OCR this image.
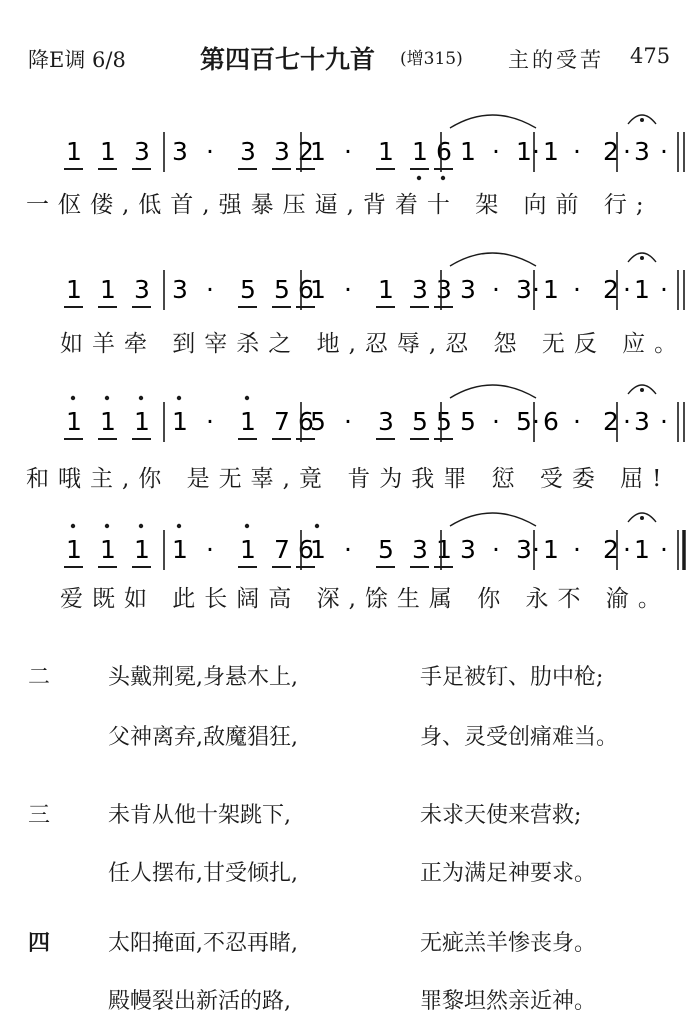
降E调 6/8	第四百七十九首 (增315) 主的受苦 475
1 1 3 3 · 3 3 2
1 · 1 1 6 1 · 1 · 1 · 2 · 3 ·
1 1 3 3 · 5 5 6
1 · 1 3 3 3 · 3 · 1 · 2 · 1 ·
1 1 1 1 · 1 7 6
5 · 3 5 5 5 · 5 · 6 · 2 · 3 ·
1 1 1 1 · 1 7 6
1 · 5 3 1 3 · 3 · 1 · 2 · 1 ·
一伛偻,低首,强暴压逼,背着十 架 向前 行;
如羊牵 到宰杀之 地,忍辱,忍 怨 无反 应。
和哦主,你 是无辜,竟 肯为我罪 愆 受委 屈!
爱既如 此长阔高 深,馀生属 你 永不 渝。
二	头戴荆冕,身悬木上,	手足被钉、肋中枪;
父神离弃,敌魔猖狂,	身、灵受创痛难当。
三	未肯从他十架跳下,	未求天使来营救;
任人摆布,甘受倾扎,	正为满足神要求。
四	太阳掩面,不忍再睹,	无疵羔羊惨丧身。
殿幔裂出新活的路,	罪黎坦然亲近神。
